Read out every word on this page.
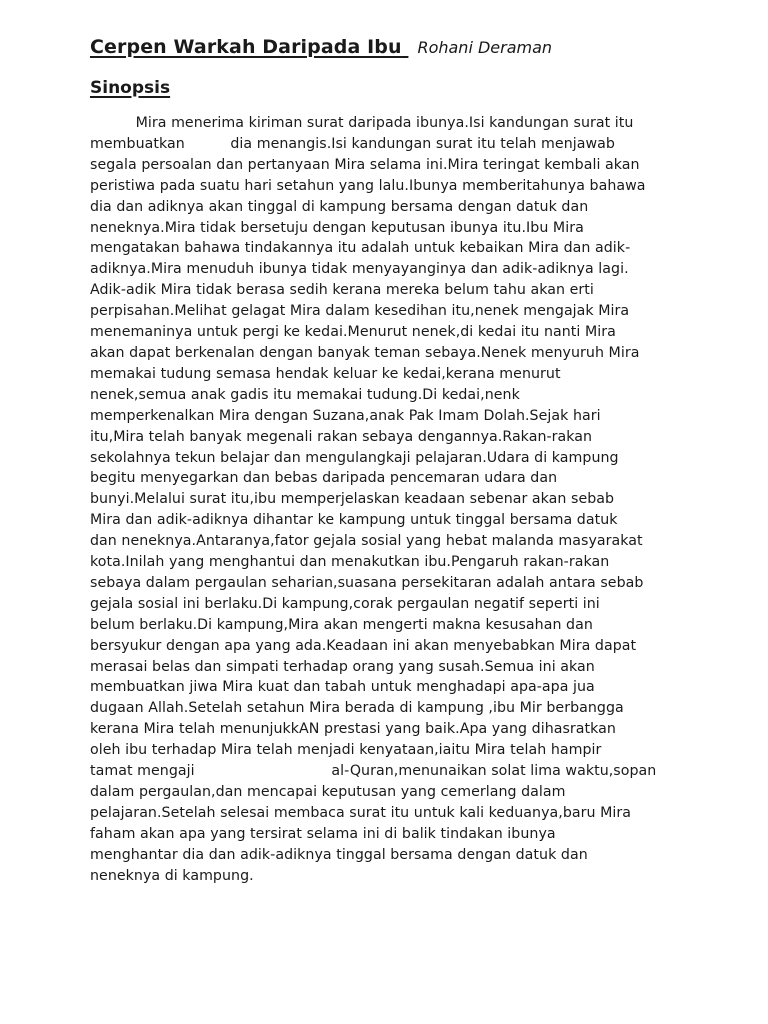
Cerpen Warkah Daripada Ibu Rohani Deraman
Sinopsis
Mira menerima kiriman surat daripada ibunya.Isi kandungan surat itu
membuatkan          dia menangis.Isi kandungan surat itu telah menjawab
segala persoalan dan pertanyaan Mira selama ini.Mira teringat kembali akan
peristiwa pada suatu hari setahun yang lalu.Ibunya memberitahunya bahawa
dia dan adiknya akan tinggal di kampung bersama dengan datuk dan
neneknya.Mira tidak bersetuju dengan keputusan ibunya itu.Ibu Mira
mengatakan bahawa tindakannya itu adalah untuk kebaikan Mira dan adik-
adiknya.Mira menuduh ibunya tidak menyayanginya dan adik-adiknya lagi.
Adik-adik Mira tidak berasa sedih kerana mereka belum tahu akan erti
perpisahan.Melihat gelagat Mira dalam kesedihan itu,nenek mengajak Mira
menemaninya untuk pergi ke kedai.Menurut nenek,di kedai itu nanti Mira
akan dapat berkenalan dengan banyak teman sebaya.Nenek menyuruh Mira
memakai tudung semasa hendak keluar ke kedai,kerana menurut
nenek,semua anak gadis itu memakai tudung.Di kedai,nenk
memperkenalkan Mira dengan Suzana,anak Pak Imam Dolah.Sejak hari
itu,Mira telah banyak megenali rakan sebaya dengannya.Rakan-rakan
sekolahnya tekun belajar dan mengulangkaji pelajaran.Udara di kampung
begitu menyegarkan dan bebas daripada pencemaran udara dan
bunyi.Melalui surat itu,ibu memperjelaskan keadaan sebenar akan sebab
Mira dan adik-adiknya dihantar ke kampung untuk tinggal bersama datuk
dan neneknya.Antaranya,fator gejala sosial yang hebat malanda masyarakat
kota.Inilah yang menghantui dan menakutkan ibu.Pengaruh rakan-rakan
sebaya dalam pergaulan seharian,suasana persekitaran adalah antara sebab
gejala sosial ini berlaku.Di kampung,corak pergaulan negatif seperti ini
belum berlaku.Di kampung,Mira akan mengerti makna kesusahan dan
bersyukur dengan apa yang ada.Keadaan ini akan menyebabkan Mira dapat
merasai belas dan simpati terhadap orang yang susah.Semua ini akan
membuatkan jiwa Mira kuat dan tabah untuk menghadapi apa-apa jua
dugaan Allah.Setelah setahun Mira berada di kampung ,ibu Mir berbangga
kerana Mira telah menunjukkAN prestasi yang baik.Apa yang dihasratkan
oleh ibu terhadap Mira telah menjadi kenyataan,iaitu Mira telah hampir
tamat mengaji                              al-Quran,menunaikan solat lima waktu,sopan
dalam pergaulan,dan mencapai keputusan yang cemerlang dalam
pelajaran.Setelah selesai membaca surat itu untuk kali keduanya,baru Mira
faham akan apa yang tersirat selama ini di balik tindakan ibunya
menghantar dia dan adik-adiknya tinggal bersama dengan datuk dan
neneknya di kampung.
